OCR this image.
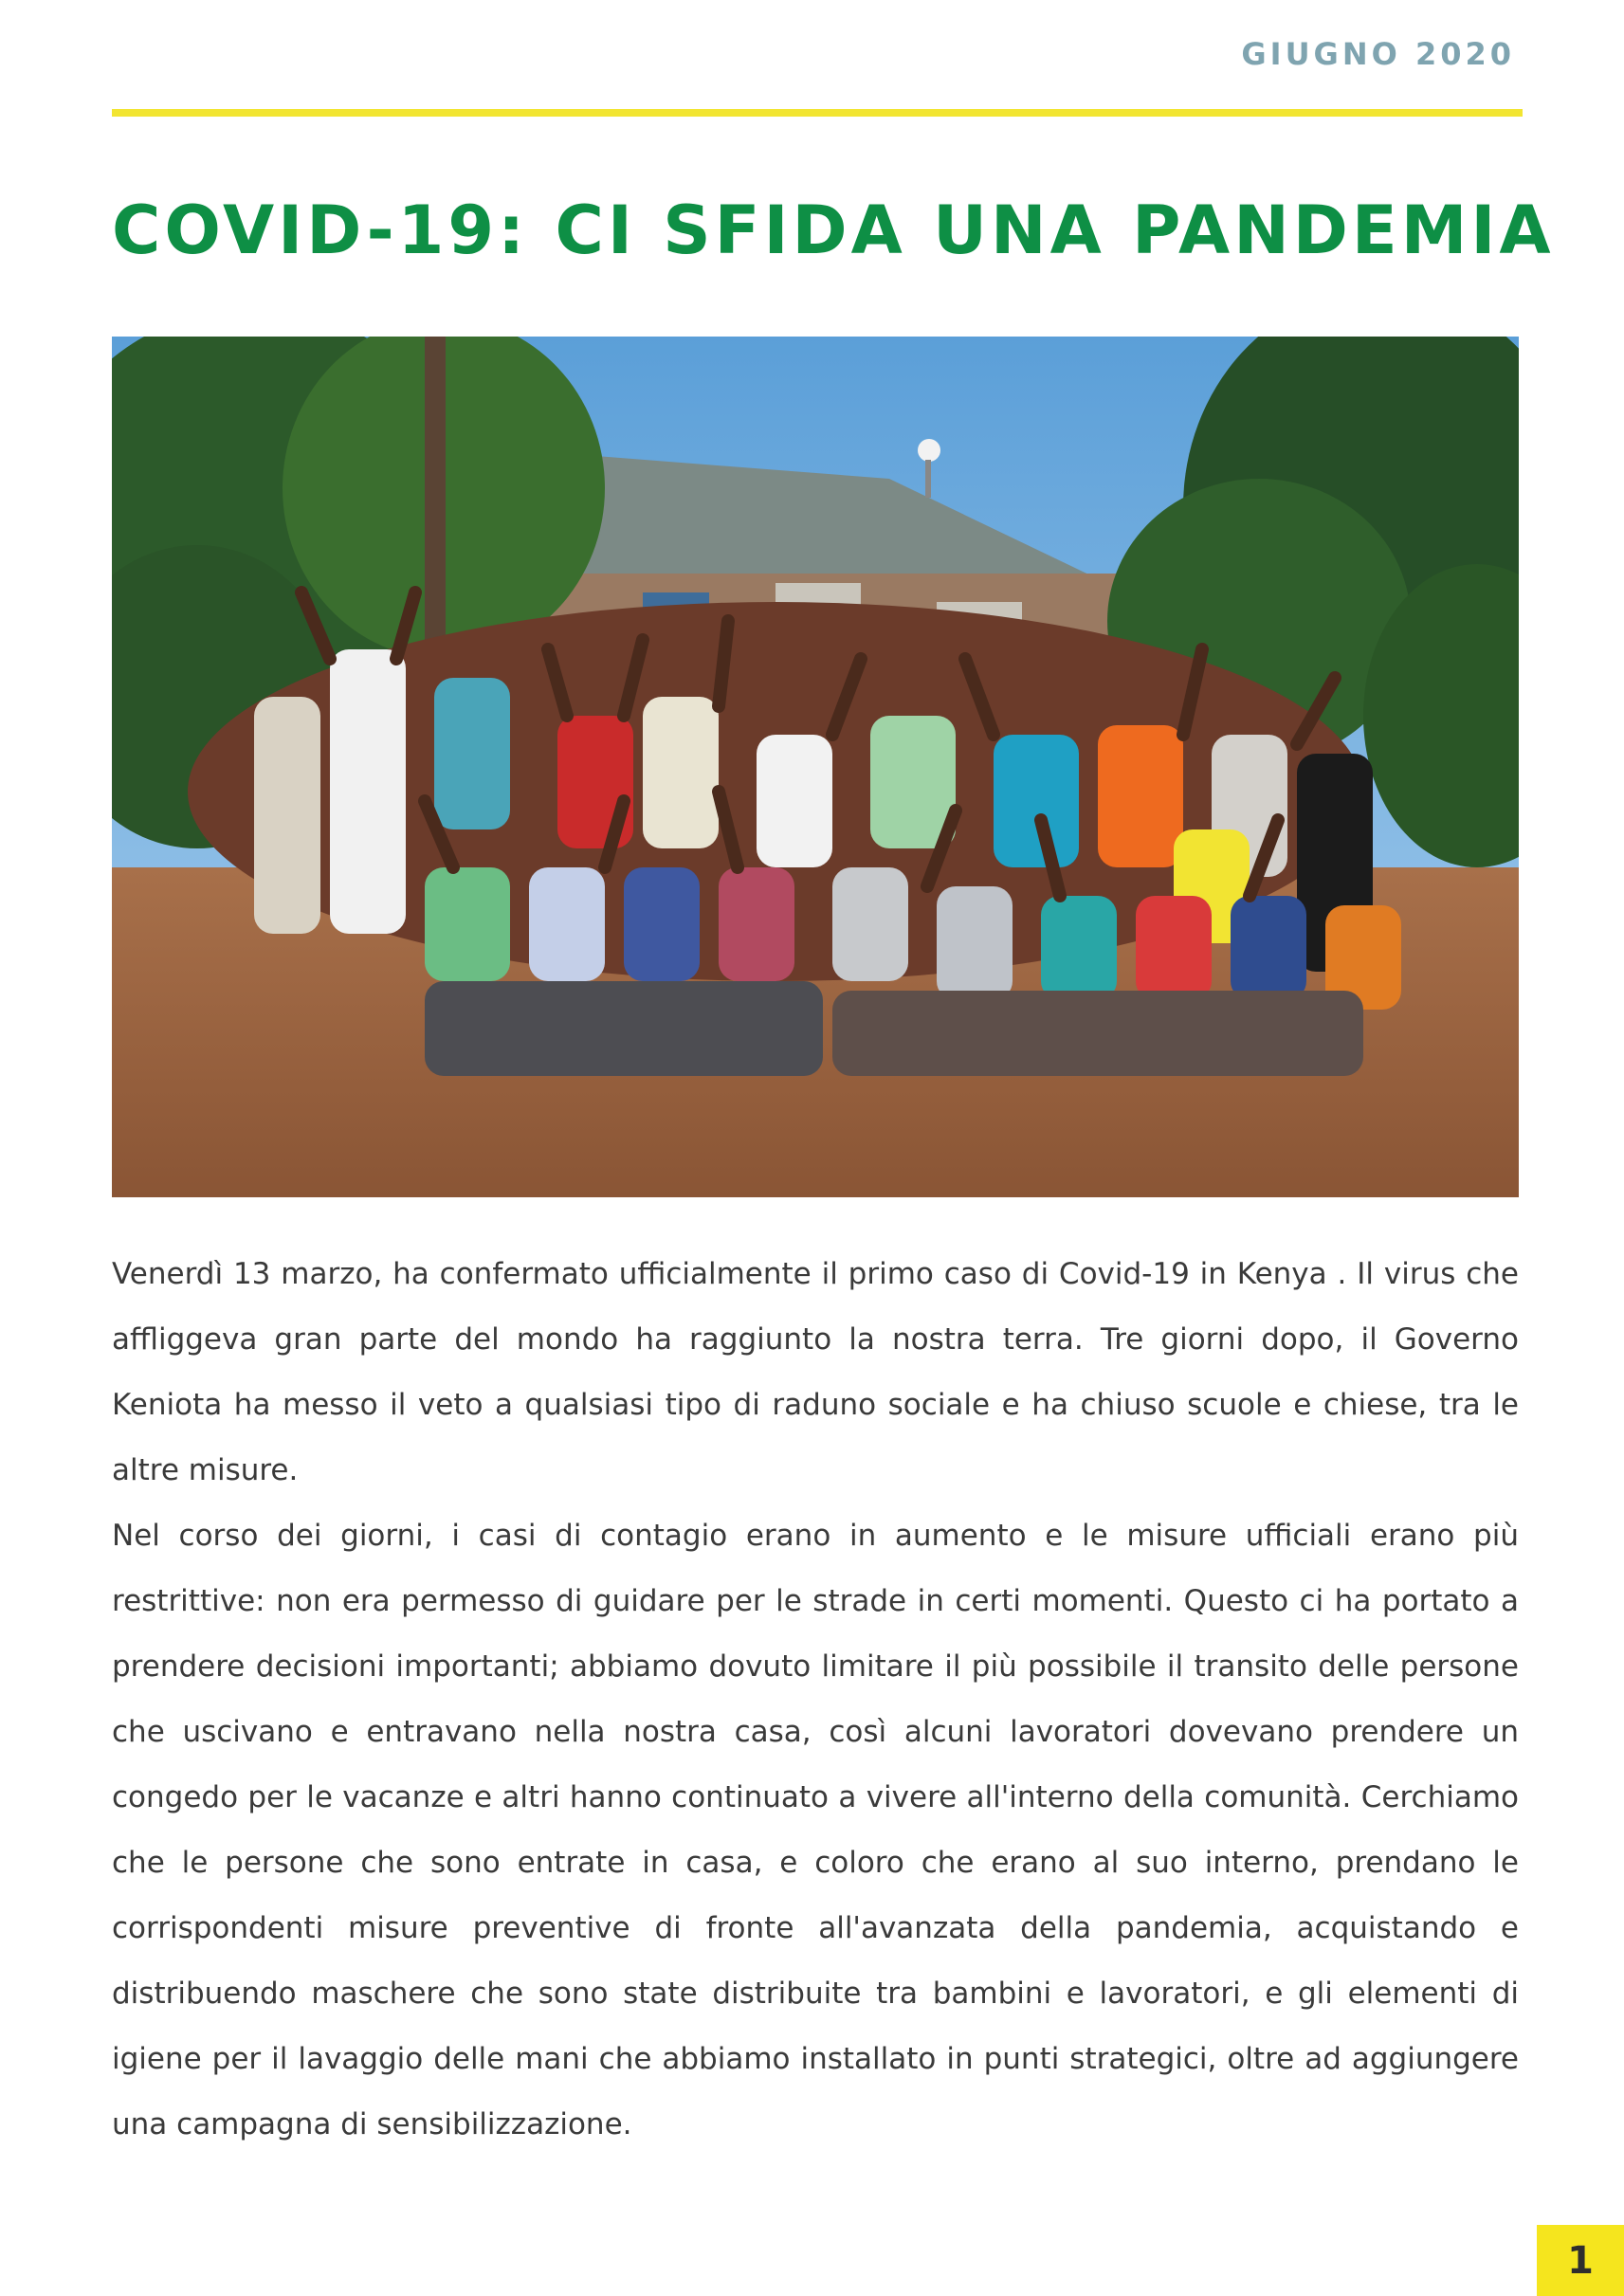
GIUGNO 2020
COVID-19: CI SFIDA UNA PANDEMIA

Venerdì 13 marzo, ha confermato ufficialmente il primo caso di Covid-19 in Kenya . Il virus che affliggeva gran parte del mondo ha raggiunto la nostra terra. Tre giorni dopo, il Governo Keniota ha messo il veto a qualsiasi tipo di raduno sociale e ha chiuso scuole e chiese, tra le altre misure.

Nel corso dei giorni, i casi di contagio erano in aumento e le misure ufficiali erano più restrittive: non era permesso di guidare per le strade in certi momenti. Questo ci ha portato a prendere decisioni importanti; abbiamo dovuto limitare il più possibile il transito delle persone che uscivano e entravano nella nostra casa, così alcuni lavoratori dovevano prendere un congedo per le vacanze e altri hanno continuato a vivere all'interno della comunità. Cerchiamo che le persone che sono entrate in casa, e coloro che erano al suo interno, prendano le corrispondenti misure preventive di fronte all'avanzata della pandemia, acquistando e distribuendo maschere che sono state distribuite tra bambini e lavoratori, e gli elementi di igiene per il lavaggio delle mani che abbiamo installato in punti strategici, oltre ad aggiungere una campagna di sensibilizzazione.

1
